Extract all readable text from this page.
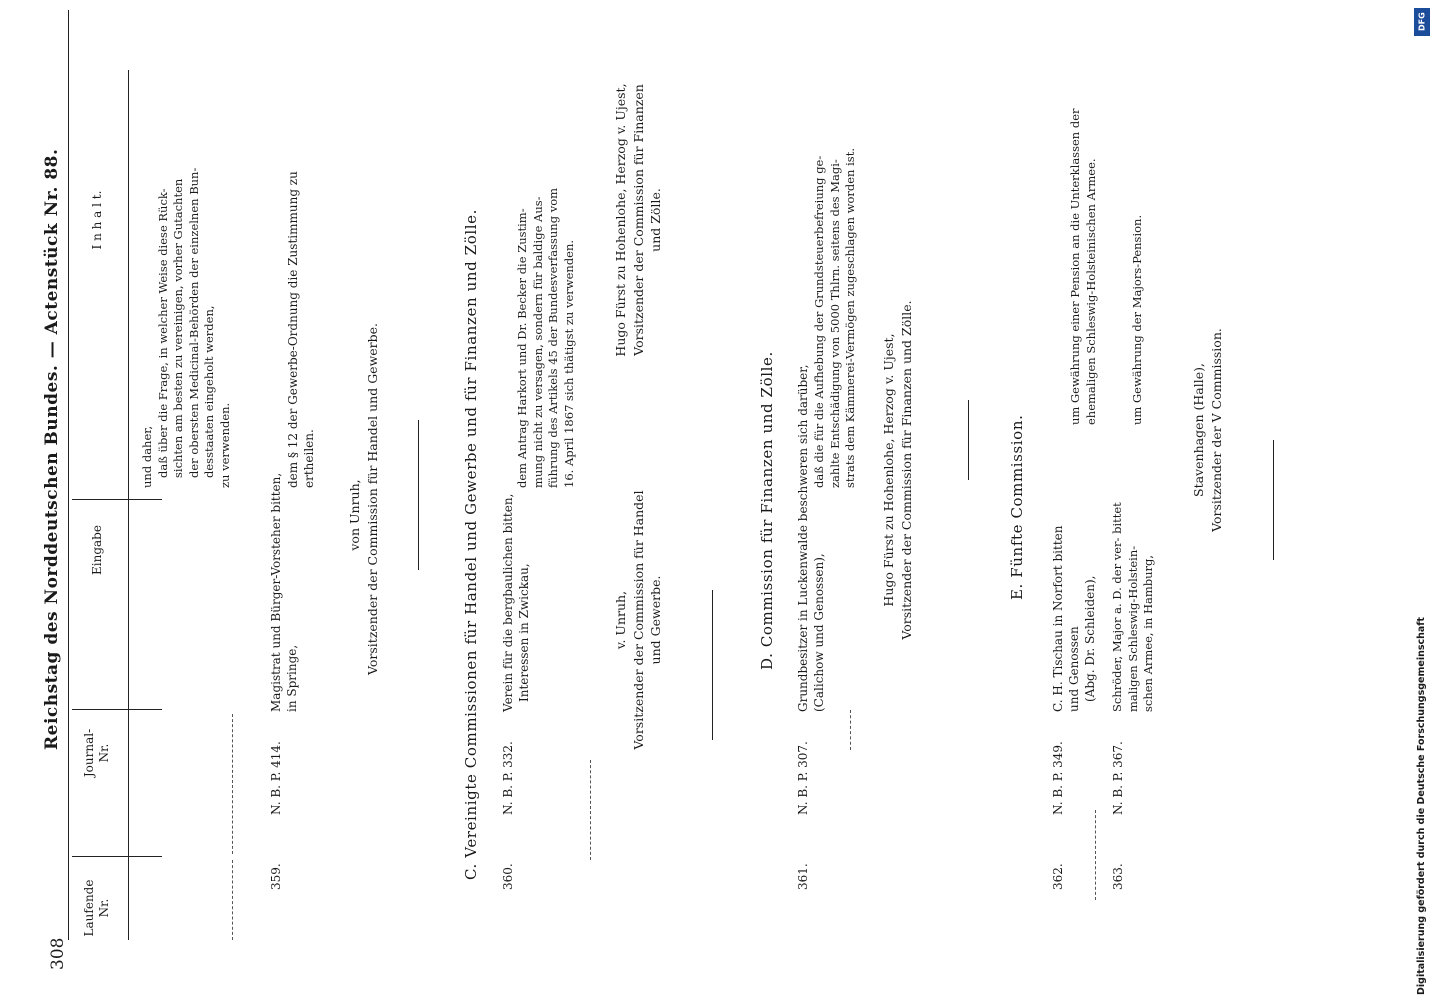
308
Reichstag des Norddeutschen Bundes. — Actenstück Nr. 88.
Laufende Nr.
Journal- Nr.
Eingabe
I n h a l t.
und daher, daß über die Frage, in welcher Weise diese Rück- sichten am besten zu vereinigen, vorher Gutachten der obersten Medicinal-Behörden der einzelnen Bun- desstaaten eingeholt werden, zu verwenden.
359.
N. B. P. 414.
Magistrat und Bürger-Vorsteher bitten, in Springe,
dem § 12 der Gewerbe-Ordnung die Zustimmung zu ertheilen.
von Unruh, Vorsitzender der Commission für Handel und Gewerbe.	C. Vereinigte Commissionen für Handel und Gewerbe und für Finanzen und Zölle. 360.
N. B. P. 332.
Verein für die bergbaulichen bitten, Interessen in Zwickau,
dem Antrag Harkort und Dr. Becker die Zustim- mung nicht zu versagen, sondern für baldige Aus- führung des Artikels 45 der Bundesverfassung vom 16. April 1867 sich thätigst zu verwenden.
v. Unruh, Vorsitzender der Commission für Handel und Gewerbe.
Hugo Fürst zu Hohenlohe, Herzog v. Ujest, Vorsitzender der Commission für Finanzen und Zölle.
D. Commission für Finanzen und Zölle.
361.
N. B. P. 307.
Grundbesitzer in Luckenwalde beschweren sich darüber, (Calichow und Genossen),
daß die für die Aufhebung der Grundsteuerbefreiung ge- zahlte Entschädigung von 5000 Thlrn. seitens des Magi- strats dem Kämmerei-Vermögen zugeschlagen worden ist. Hugo Fürst zu Hohenlohe, Herzog v. Ujest, Vorsitzender der Commission für Finanzen und Zölle.	E. Fünfte Commission.
362.
N. B. P. 349.
C. H. Tischau in Norfort bitten und Genossen (Abg. Dr. Schleiden),
um Gewährung einer Pension an die Unterklassen der ehemaligen Schleswig-Holsteinischen Armee.
363.
N. B. P. 367.
Schröder, Major a. D. der ver- bittet maligen Schleswig-Holstein- schen Armee, in Hamburg,
um Gewährung der Majors-Pension.
Stavenhagen (Halle), Vorsitzender der V Commission.
DFG
Digitalisierung gefördert durch die Deutsche Forschungsgemeinschaft
